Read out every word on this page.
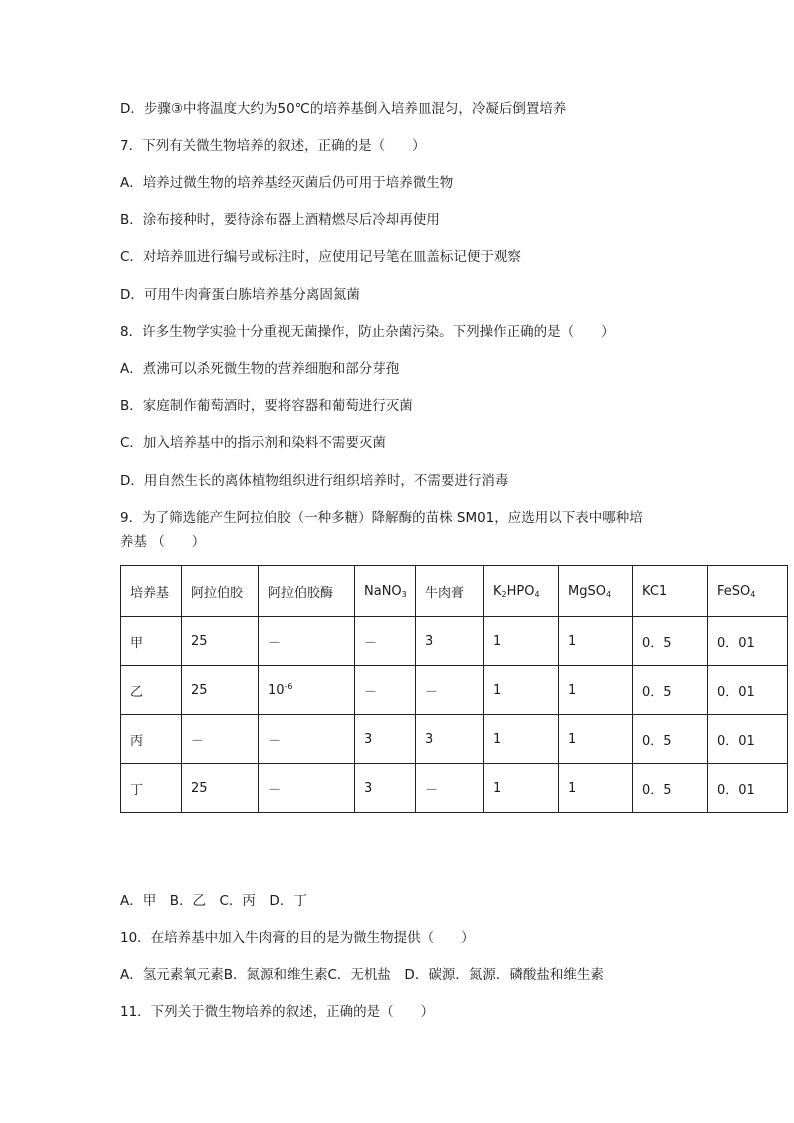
D．步骤③中将温度大约为50℃的培养基倒入培养皿混匀，冷凝后倒置培养
7．下列有关微生物培养的叙述，正确的是（　　）
A．培养过微生物的培养基经灭菌后仍可用于培养微生物
B．涂布接种时，要待涂布器上酒精燃尽后冷却再使用
C．对培养皿进行编号或标注时，应使用记号笔在皿盖标记便于观察
D．可用牛肉膏蛋白胨培养基分离固氮菌
8．许多生物学实验十分重视无菌操作，防止杂菌污染。下列操作正确的是（　　）
A．煮沸可以杀死微生物的营养细胞和部分芽孢
B．家庭制作葡萄酒时，要将容器和葡萄进行灭菌
C．加入培养基中的指示剂和染料不需要灭菌
D．用自然生长的离体植物组织进行组织培养时，不需要进行消毒
9．为了筛选能产生阿拉伯胶（一种多糖）降解酶的苗株 SM01，应选用以下表中哪种培
养基 （　　）
培养基	阿拉伯胶	阿拉伯胶酶	NaNO$_3$	牛肉膏	$K_2HPO_4$	MgSO$_4$	KC1	FeSO$_4$
甲	25	－	－	3	1	1	0．5	0．01
乙	25	$10^{-6}$	－	－	1	1	0．5	0．01
丙	－	－	3	3	1	1	0．5	0．01
丁	25	－	3	－	1	1	0．5	0．01
A．甲　B．乙　C．丙　D．丁
10．在培养基中加入牛肉膏的目的是为微生物提供（　　）
A．氢元素氧元素B．氮源和维生素C．无机盐　D．碳源．氮源．磷酸盐和维生素
11．下列关于微生物培养的叙述，正确的是（　　）
